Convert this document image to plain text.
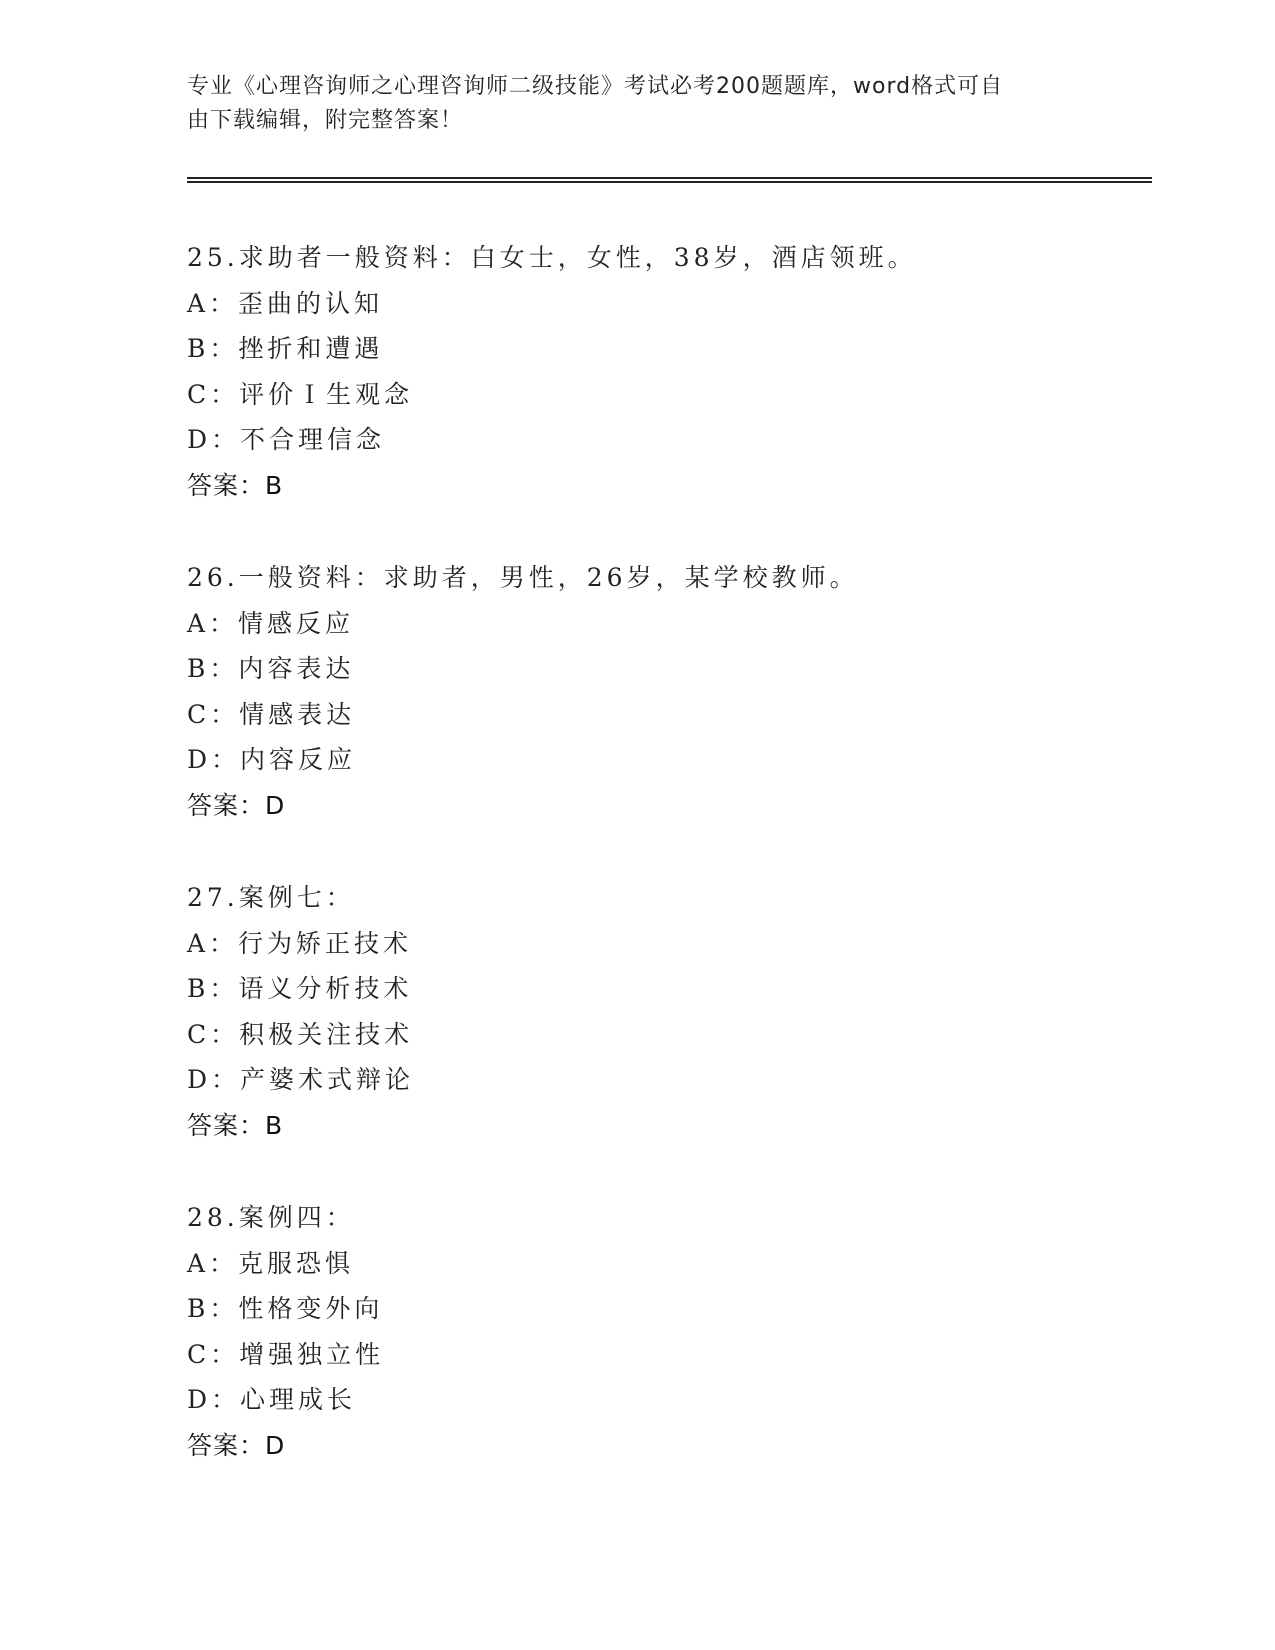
专业《心理咨询师之心理咨询师二级技能》考试必考200题题库，word格式可自
由下载编辑，附完整答案！
25.求助者一般资料：白女士，女性，38岁，酒店领班。
A：歪曲的认知
B：挫折和遭遇
C：评价Ｉ生观念
D：不合理信念
答案：B
26.一般资料：求助者，男性，26岁，某学校教师。
A：情感反应
B：内容表达
C：情感表达
D：内容反应
答案：D
27.案例七：
A：行为矫正技术
B：语义分析技术
C：积极关注技术
D：产婆术式辩论
答案：B
28.案例四：
A：克服恐惧
B：性格变外向
C：增强独立性
D：心理成长
答案：D
